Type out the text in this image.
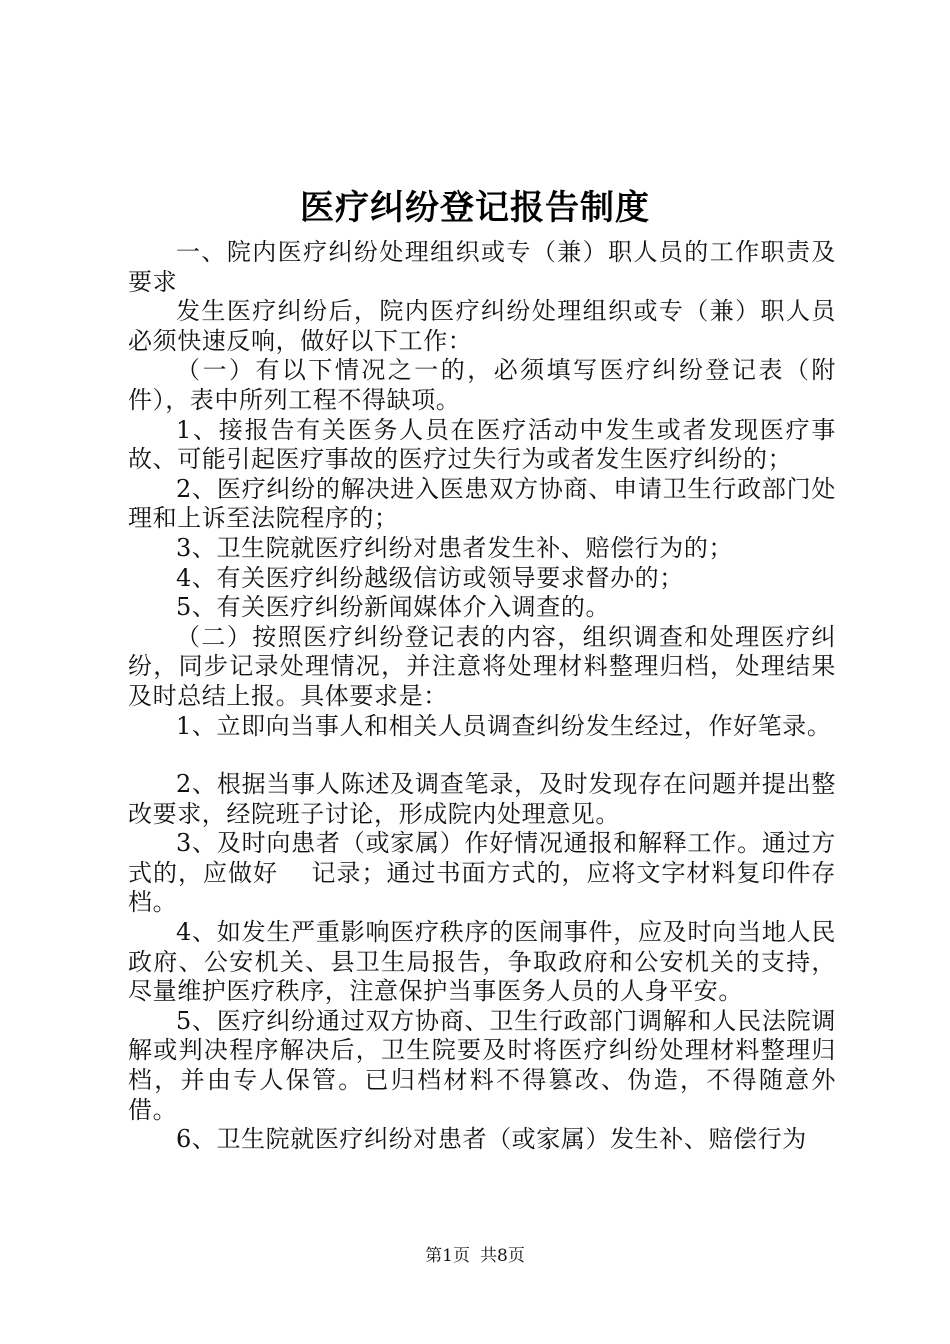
医疗纠纷登记报告制度

一、院内医疗纠纷处理组织或专（兼）职人员的工作职责及要求

发生医疗纠纷后，院内医疗纠纷处理组织或专（兼）职人员必须快速反响，做好以下工作：

（一）有以下情况之一的，必须填写医疗纠纷登记表（附件），表中所列工程不得缺项。

1、接报告有关医务人员在医疗活动中发生或者发现医疗事故、可能引起医疗事故的医疗过失行为或者发生医疗纠纷的；

2、医疗纠纷的解决进入医患双方协商、申请卫生行政部门处理和上诉至法院程序的；

3、卫生院就医疗纠纷对患者发生补、赔偿行为的；

4、有关医疗纠纷越级信访或领导要求督办的；

5、有关医疗纠纷新闻媒体介入调查的。

（二）按照医疗纠纷登记表的内容，组织调查和处理医疗纠纷，同步记录处理情况，并注意将处理材料整理归档，处理结果及时总结上报。具体要求是：

1、立即向当事人和相关人员调查纠纷发生经过，作好笔录。

2、根据当事人陈述及调查笔录，及时发现存在问题并提出整改要求，经院班子讨论，形成院内处理意见。

3、及时向患者（或家属）作好情况通报和解释工作。通过方式的，应做好　 记录；通过书面方式的，应将文字材料复印件存档。

4、如发生严重影响医疗秩序的医闹事件，应及时向当地人民政府、公安机关、县卫生局报告，争取政府和公安机关的支持，尽量维护医疗秩序，注意保护当事医务人员的人身平安。

5、医疗纠纷通过双方协商、卫生行政部门调解和人民法院调解或判决程序解决后，卫生院要及时将医疗纠纷处理材料整理归档，并由专人保管。已归档材料不得篡改、伪造，不得随意外借。

6、卫生院就医疗纠纷对患者（或家属）发生补、赔偿行为

第1页 共8页
